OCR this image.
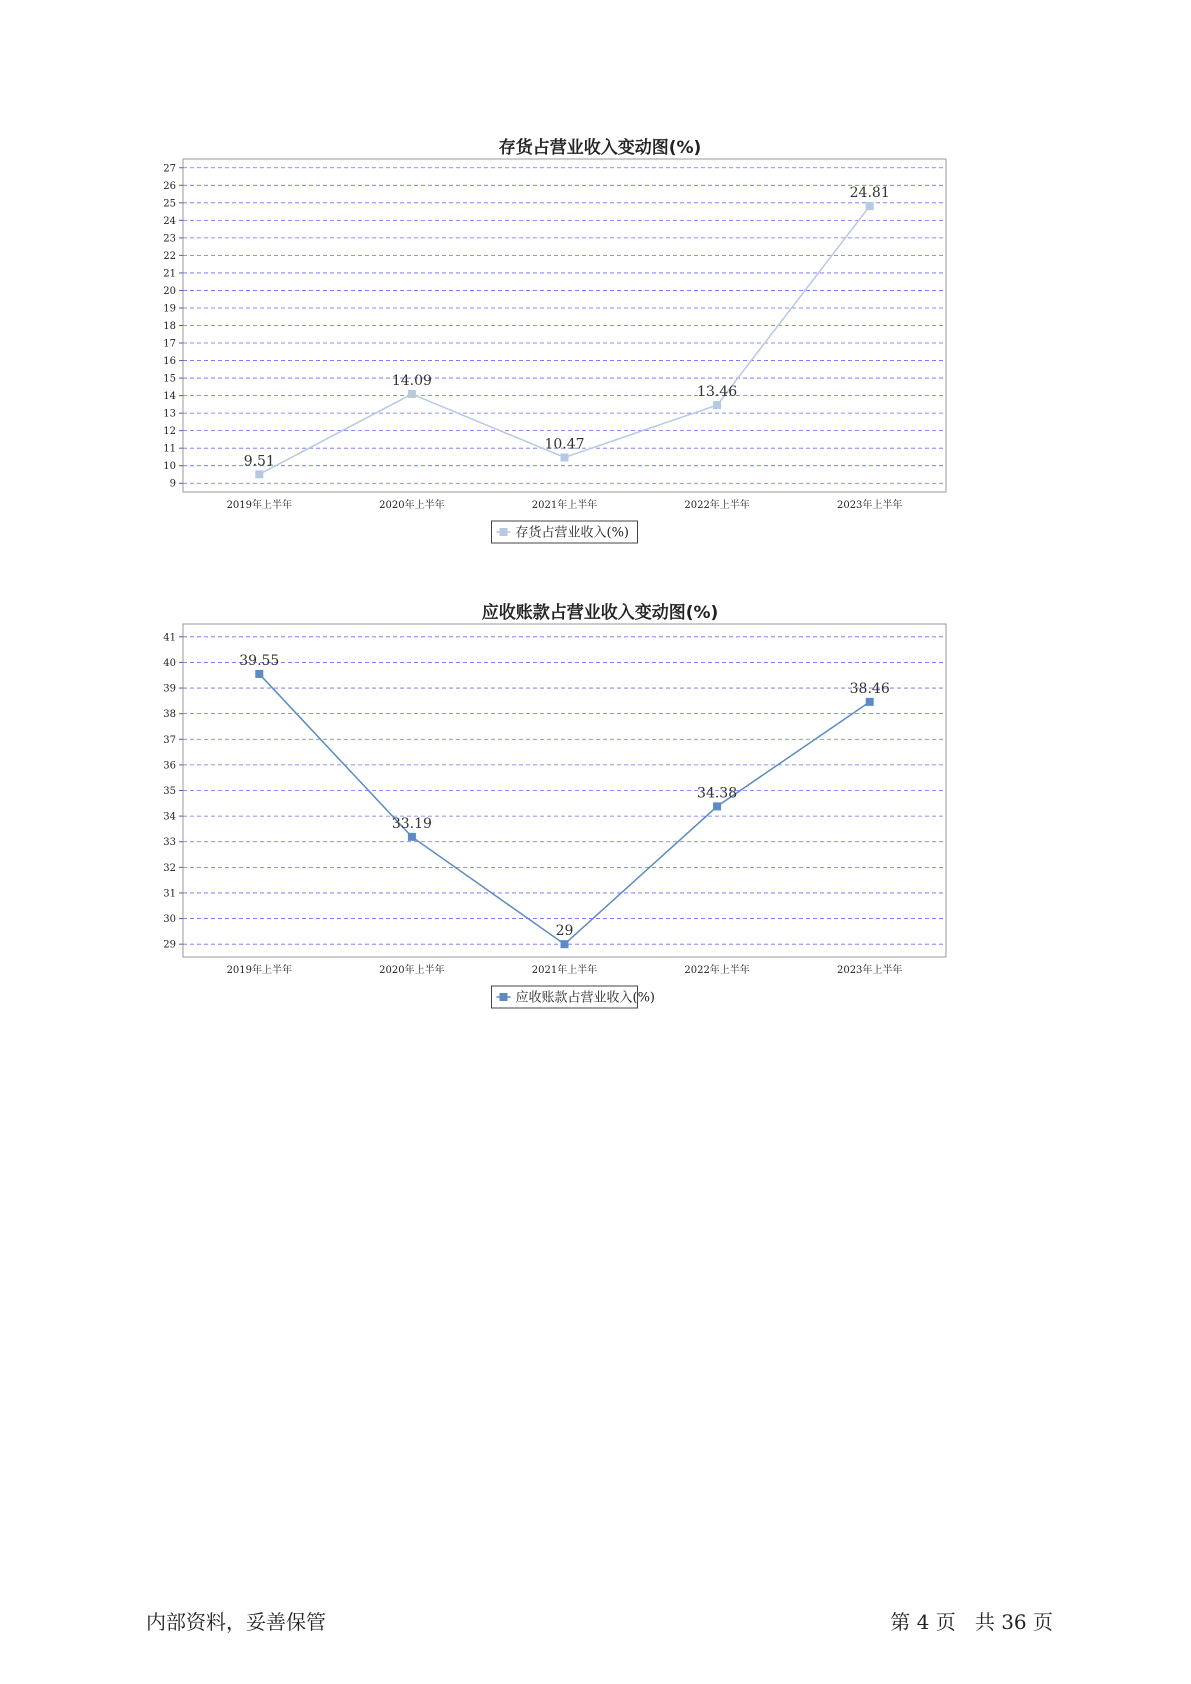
存货占营业收入变动图(%)
9
10
11
12
13
14
15
16
17
18
19
20
21
22
23
24
25
26
27
2019年上半年	2020年上半年	2021年上半年	2022年上半年	2023年上半年
9.51
14.09
10.47
13.46
24.81
存货占营业收入(%)
应收账款占营业收入变动图(%)
29
30
31
32
33
34
35
36
37
38
39
40
41
2019年上半年	2020年上半年	2021年上半年	2022年上半年	2023年上半年
39.55
33.19
29
34.38
38.46
应收账款占营业收入(%)
内部资料，妥善保管	第 4 页 共 36 页
